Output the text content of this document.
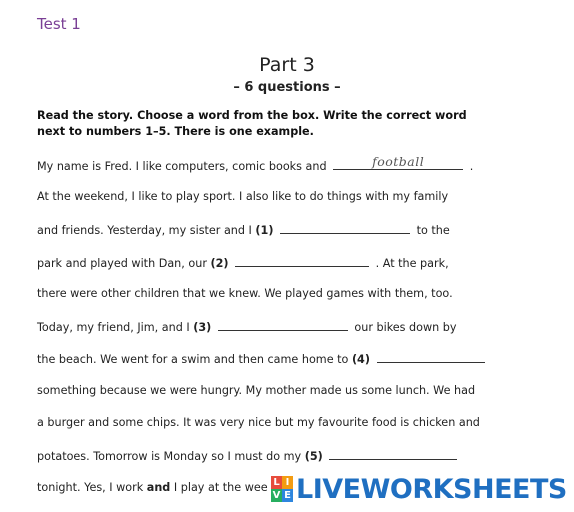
Test 1
Part 3
– 6 questions –
Read the story. Choose a word from the box. Write the correct word next to numbers 1–5. There is one example.
My name is Fred. I like computers, comic books and	football	.
At the weekend, I like to play sport. I also like to do things with my family
and friends. Yesterday, my sister and I (1)	to the
park and played with Dan, our (2)	. At the park,
there were other children that we knew. We played games with them, too.
Today, my friend, Jim, and I (3)	our bikes down by
the beach. We went for a swim and then came home to (4)
something because we were hungry. My mother made us some lunch. We had
a burger and some chips. It was very nice but my favourite food is chicken and
potatoes. Tomorrow is Monday so I must do my (5)
tonight. Yes, I work and I play at the wee L I
V E LIVEWORKSHEETS
